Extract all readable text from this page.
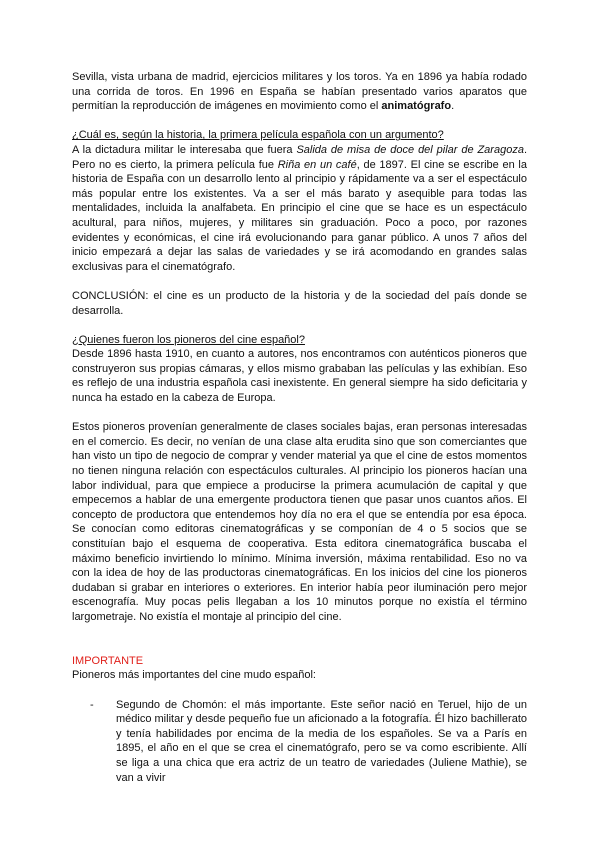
Sevilla, vista urbana de madrid, ejercicios militares y los toros. Ya en 1896 ya había rodado una corrida de toros. En 1996 en España se habían presentado varios aparatos que permitían la reproducción de imágenes en movimiento como el animatógrafo.

¿Cuál es, según la historia, la primera película española con un argumento?

A la dictadura militar le interesaba que fuera Salida de misa de doce del pilar de Zaragoza. Pero no es cierto, la primera película fue Riña en un café, de 1897. El cine se escribe en la historia de España con un desarrollo lento al principio y rápidamente va a ser el espectáculo más popular entre los existentes. Va a ser el más barato y asequible para todas las mentalidades, incluida la analfabeta. En principio el cine que se hace es un espectáculo acultural, para niños, mujeres, y militares sin graduación. Poco a poco, por razones evidentes y económicas, el cine irá evolucionando para ganar público. A unos 7 años del inicio empezará a dejar las salas de variedades y se irá acomodando en grandes salas exclusivas para el cinematógrafo.

CONCLUSIÓN: el cine es un producto de la historia y de la sociedad del país donde se desarrolla.

¿Quienes fueron los pioneros del cine español?

Desde 1896 hasta 1910, en cuanto a autores, nos encontramos con auténticos pioneros que construyeron sus propias cámaras, y ellos mismo grababan las películas y las exhibían. Eso es reflejo de una industria española casi inexistente. En general siempre ha sido deficitaria y nunca ha estado en la cabeza de Europa.

Estos pioneros provenían generalmente de clases sociales bajas, eran personas interesadas en el comercio. Es decir, no venían de una clase alta erudita sino que son comerciantes que han visto un tipo de negocio de comprar y vender material ya que el cine de estos momentos no tienen ninguna relación con espectáculos culturales. Al principio los pioneros hacían una labor individual, para que empiece a producirse la primera acumulación de capital y que empecemos a hablar de una emergente productora tienen que pasar unos cuantos años. El concepto de productora que entendemos hoy día no era el que se entendía por esa época. Se conocían como editoras cinematográficas y se componían de 4 o 5 socios que se constituían bajo el esquema de cooperativa. Esta editora cinematográfica buscaba el máximo beneficio invirtiendo lo mínimo. Mínima inversión, máxima rentabilidad. Eso no va con la idea de hoy de las productoras cinematográficas. En los inicios del cine los pioneros dudaban si grabar en interiores o exteriores. En interior había peor iluminación pero mejor escenografía. Muy pocas pelis llegaban a los 10 minutos porque no existía el término largometraje. No existía el montaje al principio del cine.

IMPORTANTE

Pioneros más importantes del cine mudo español:

-	Segundo de Chomón: el más importante. Este señor nació en Teruel, hijo de un médico militar y desde pequeño fue un aficionado a la fotografía. Él hizo bachillerato y tenía habilidades por encima de la media de los españoles. Se va a París en 1895, el año en el que se crea el cinematógrafo, pero se va como escribiente. Allí se liga a una chica que era actriz de un teatro de variedades (Juliene Mathie), se van a vivir
